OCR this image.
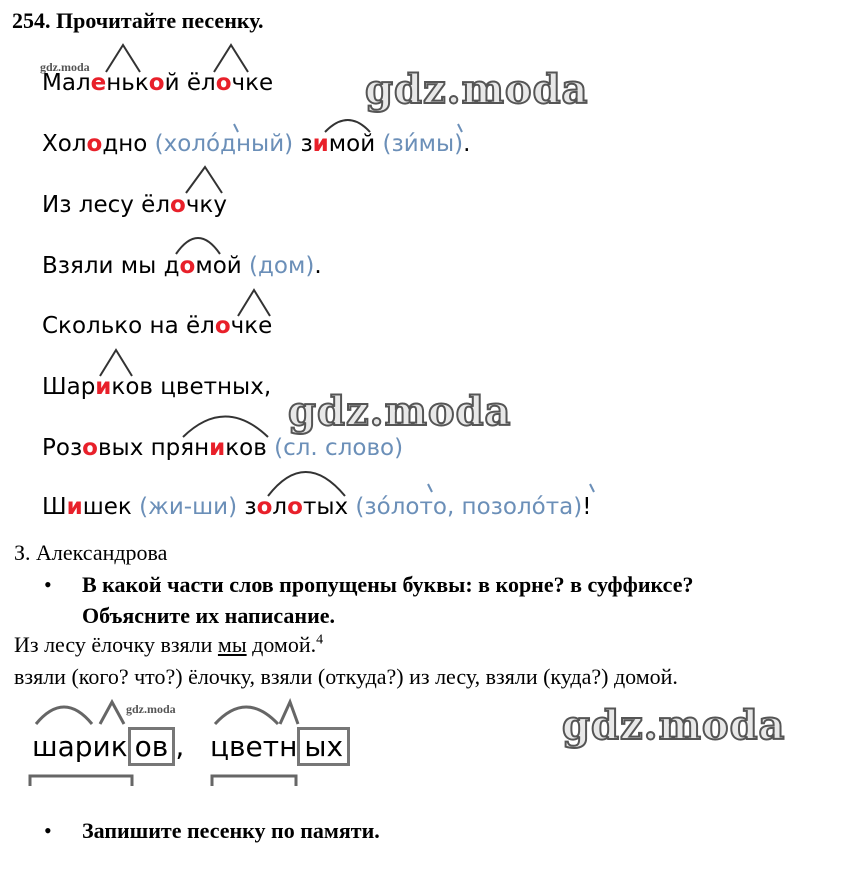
254. Прочитайте песенку.
Маленькой ёлочке
Холодно (холо́дный) зимой (зи́мы).
Из лесу ёлочку
Взяли мы домой (дом).
Сколько на ёлочке
Шариков цветных,
Розовых пряников (сл. слово)
Шишек (жи-ши) золотых (зо́лото, позоло́та)!
gdz.moda
gdz.moda
gdz.moda
gdz.moda
gdz.moda
З. Александрова
• В какой части слов пропущены буквы: в корне? в суффиксе?
Объясните их написание.
Из лесу ёлочку взяли мы домой.$^4$
взяли (кого? что?) ёлочку, взяли (откуда?) из лесу, взяли (куда?) домой.
шарик ов , цветн ых
• Запишите песенку по памяти.
